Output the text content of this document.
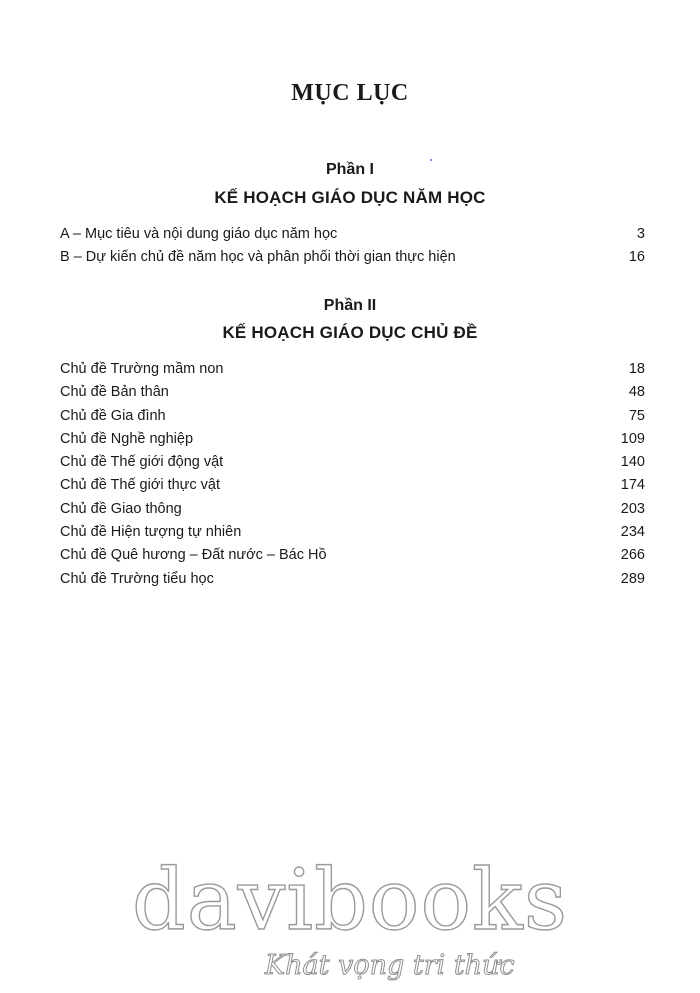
MỤC LỤC
Phần I
KẾ HOẠCH GIÁO DỤC NĂM HỌC
A – Mục tiêu và nội dung giáo dục năm học	3
B – Dự kiến chủ đề năm học và phân phối thời gian thực hiện	16
Phần II
KẾ HOẠCH GIÁO DỤC CHỦ ĐỀ
Chủ đề Trường mầm non	18
Chủ đề Bản thân	48
Chủ đề Gia đình	75
Chủ đề Nghề nghiệp	109
Chủ đề Thế giới động vật	140
Chủ đề Thế giới thực vật	174
Chủ đề Giao thông	203
Chủ đề Hiện tượng tự nhiên	234
Chủ đề Quê hương – Đất nước – Bác Hồ	266
Chủ đề Trường tiểu học	289
davibooks
Khát vọng tri thức
